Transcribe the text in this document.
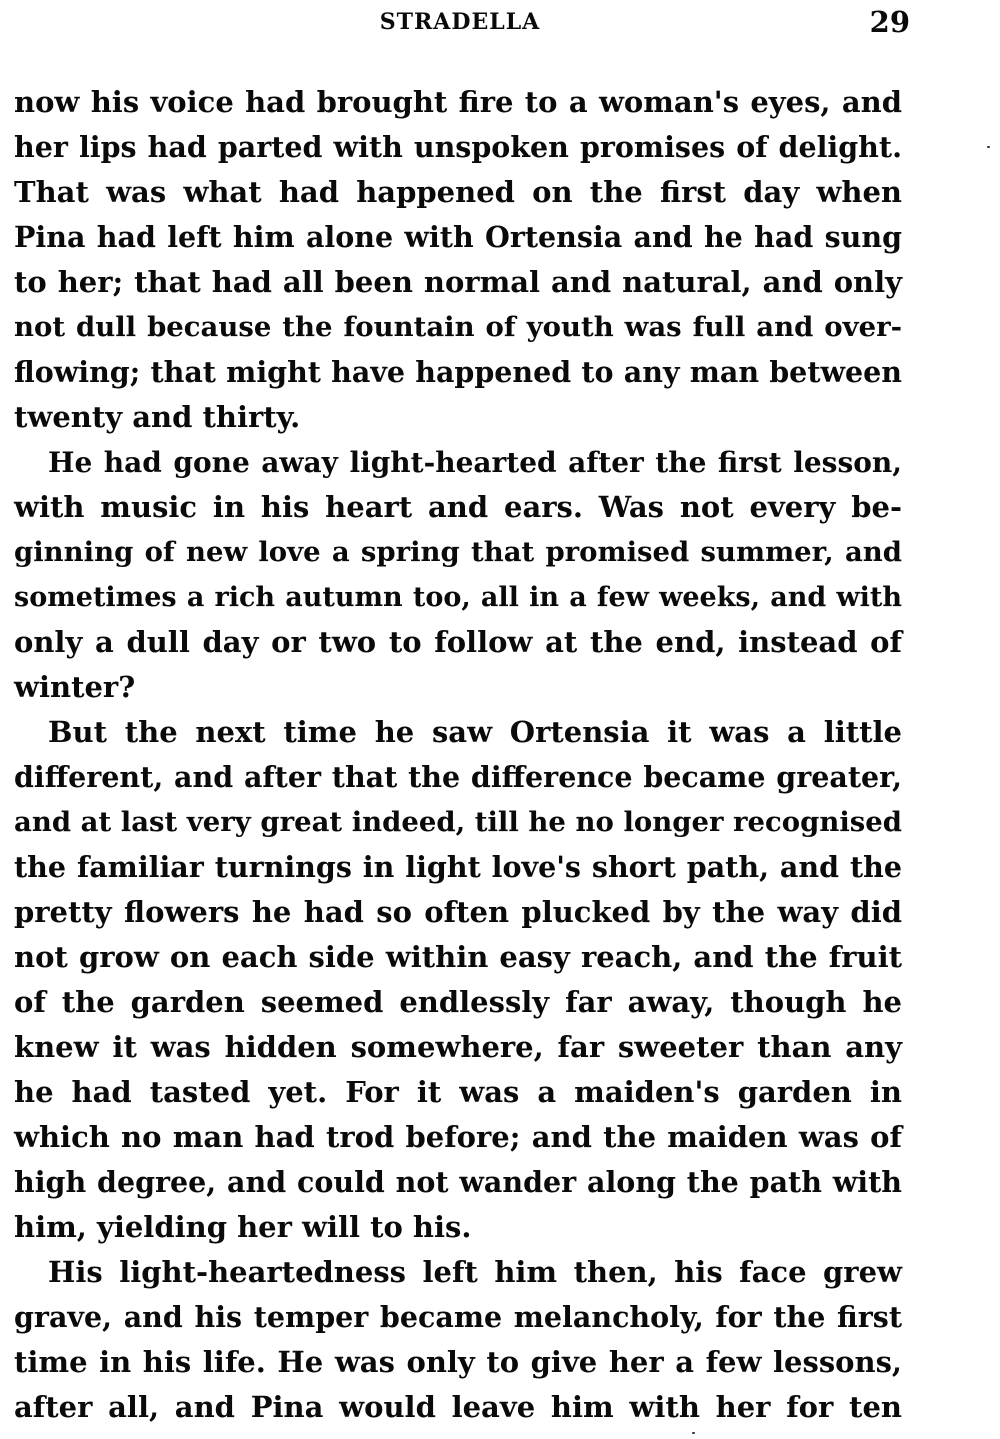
STRADELLA	29
now his voice had brought fire to a woman's eyes, and
her lips had parted with unspoken promises of delight.
That was what had happened on the first day when
Pina had left him alone with Ortensia and he had sung
to her; that had all been normal and natural, and only
not dull because the fountain of youth was full and over-
flowing; that might have happened to any man between
twenty and thirty.
He had gone away light-hearted after the first lesson,
with music in his heart and ears. Was not every be-
ginning of new love a spring that promised summer, and
sometimes a rich autumn too, all in a few weeks, and with
only a dull day or two to follow at the end, instead of
winter?
But the next time he saw Ortensia it was a little
different, and after that the difference became greater,
and at last very great indeed, till he no longer recognised
the familiar turnings in light love's short path, and the
pretty flowers he had so often plucked by the way did
not grow on each side within easy reach, and the fruit
of the garden seemed endlessly far away, though he
knew it was hidden somewhere, far sweeter than any
he had tasted yet. For it was a maiden's garden in
which no man had trod before; and the maiden was of
high degree, and could not wander along the path with
him, yielding her will to his.
His light-heartedness left him then, his face grew
grave, and his temper became melancholy, for the first
time in his life. He was only to give her a few lessons,
after all, and Pina would leave him with her for ten
